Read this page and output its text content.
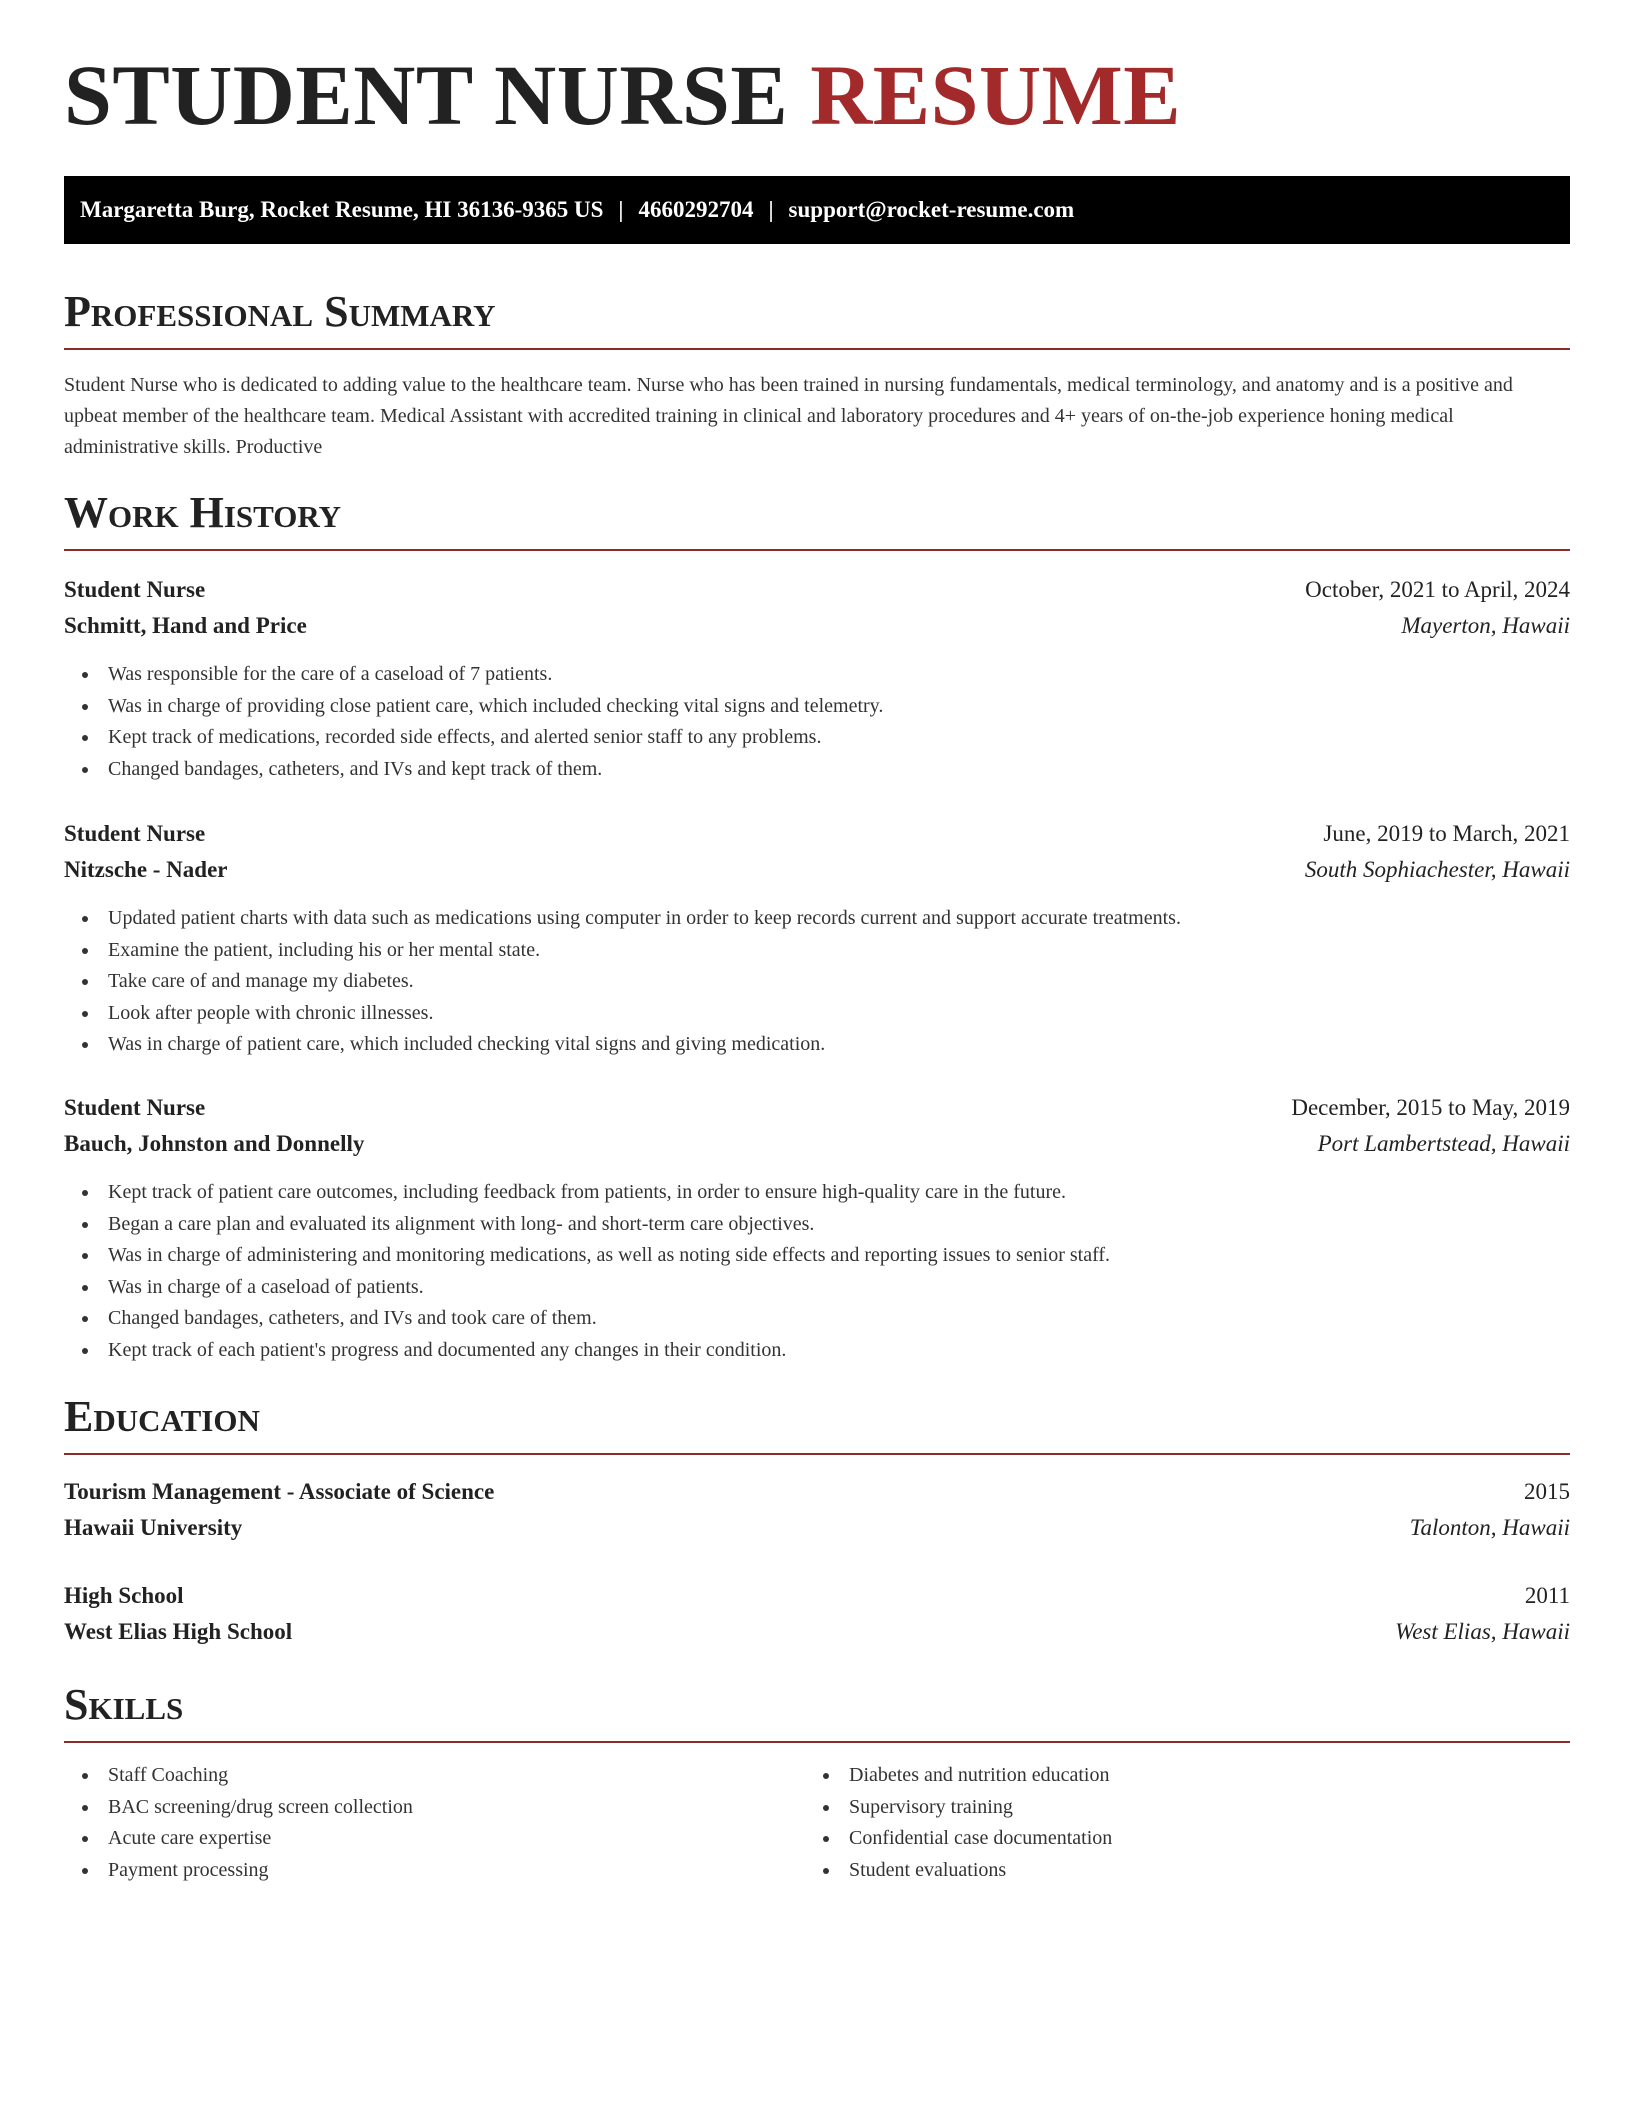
STUDENT NURSE RESUME
Margaretta Burg, Rocket Resume, HI 36136-9365 US | 4660292704 | support@rocket-resume.com
Professional Summary

Student Nurse who is dedicated to adding value to the healthcare team. Nurse who has been trained in nursing fundamentals, medical terminology, and anatomy and is a positive and upbeat member of the healthcare team. Medical Assistant with accredited training in clinical and laboratory procedures and 4+ years of on-the-job experience honing medical administrative skills. Productive

Work History
Student Nurse	October, 2021 to April, 2024
Schmitt, Hand and Price	Mayerton, Hawaii
Was responsible for the care of a caseload of 7 patients.
Was in charge of providing close patient care, which included checking vital signs and telemetry.
Kept track of medications, recorded side effects, and alerted senior staff to any problems.
Changed bandages, catheters, and IVs and kept track of them.
Student Nurse	June, 2019 to March, 2021
Nitzsche - Nader	South Sophiachester, Hawaii
Updated patient charts with data such as medications using computer in order to keep records current and support accurate treatments.
Examine the patient, including his or her mental state.
Take care of and manage my diabetes.
Look after people with chronic illnesses.
Was in charge of patient care, which included checking vital signs and giving medication.
Student Nurse	December, 2015 to May, 2019
Bauch, Johnston and Donnelly	Port Lambertstead, Hawaii
Kept track of patient care outcomes, including feedback from patients, in order to ensure high-quality care in the future.
Began a care plan and evaluated its alignment with long- and short-term care objectives.
Was in charge of administering and monitoring medications, as well as noting side effects and reporting issues to senior staff.
Was in charge of a caseload of patients.
Changed bandages, catheters, and IVs and took care of them.
Kept track of each patient's progress and documented any changes in their condition.
Education
Tourism Management - Associate of Science	2015
Hawaii University	Talonton, Hawaii
High School	2011
West Elias High School	West Elias, Hawaii
Skills
Staff Coaching
BAC screening/drug screen collection
Acute care expertise
Payment processing
Diabetes and nutrition education
Supervisory training
Confidential case documentation
Student evaluations
